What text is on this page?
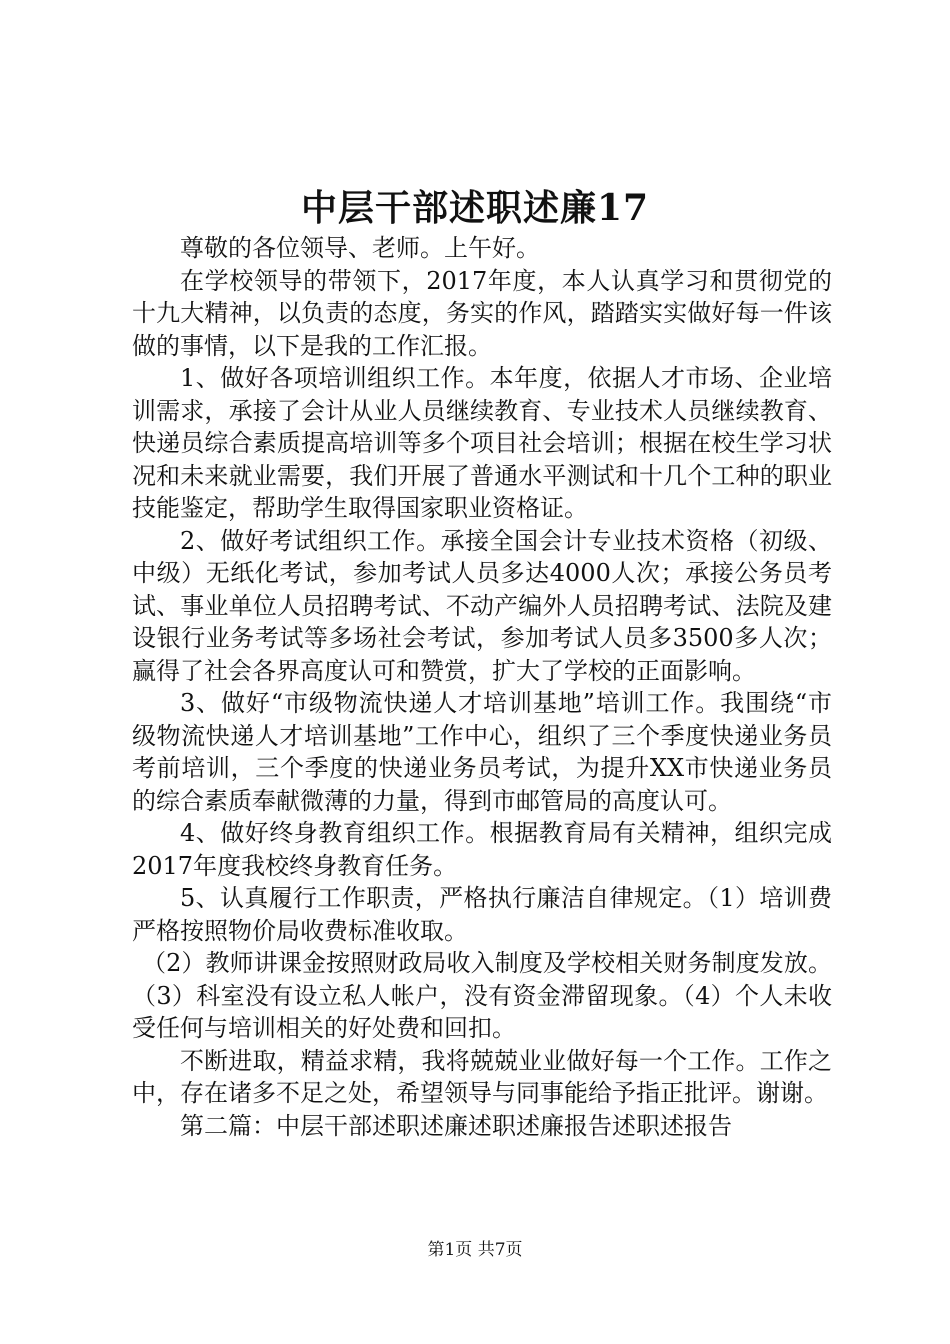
中层干部述职述廉17

尊敬的各位领导、老师。上午好。

在学校领导的带领下，2017年度，本人认真学习和贯彻党的十九大精神，以负责的态度，务实的作风，踏踏实实做好每一件该做的事情，以下是我的工作汇报。

1、做好各项培训组织工作。本年度，依据人才市场、企业培训需求，承接了会计从业人员继续教育、专业技术人员继续教育、快递员综合素质提高培训等多个项目社会培训；根据在校生学习状况和未来就业需要，我们开展了普通水平测试和十几个工种的职业技能鉴定，帮助学生取得国家职业资格证。

2、做好考试组织工作。承接全国会计专业技术资格（初级、中级）无纸化考试，参加考试人员多达4000人次；承接公务员考试、事业单位人员招聘考试、不动产编外人员招聘考试、法院及建设银行业务考试等多场社会考试，参加考试人员多3500多人次；赢得了社会各界高度认可和赞赏，扩大了学校的正面影响。

3、做好“市级物流快递人才培训基地”培训工作。我围绕“市级物流快递人才培训基地”工作中心，组织了三个季度快递业务员考前培训，三个季度的快递业务员考试，为提升XX市快递业务员的综合素质奉献微薄的力量，得到市邮管局的高度认可。

4、做好终身教育组织工作。根据教育局有关精神，组织完成2017年度我校终身教育任务。

5、认真履行工作职责，严格执行廉洁自律规定。（1）培训费严格按照物价局收费标准收取。

（2）教师讲课金按照财政局收入制度及学校相关财务制度发放。（3）科室没有设立私人帐户，没有资金滞留现象。（4）个人未收受任何与培训相关的好处费和回扣。

不断进取，精益求精，我将兢兢业业做好每一个工作。工作之中，存在诸多不足之处，希望领导与同事能给予指正批评。谢谢。

第二篇：中层干部述职述廉述职述廉报告述职述报告

第1页 共7页
